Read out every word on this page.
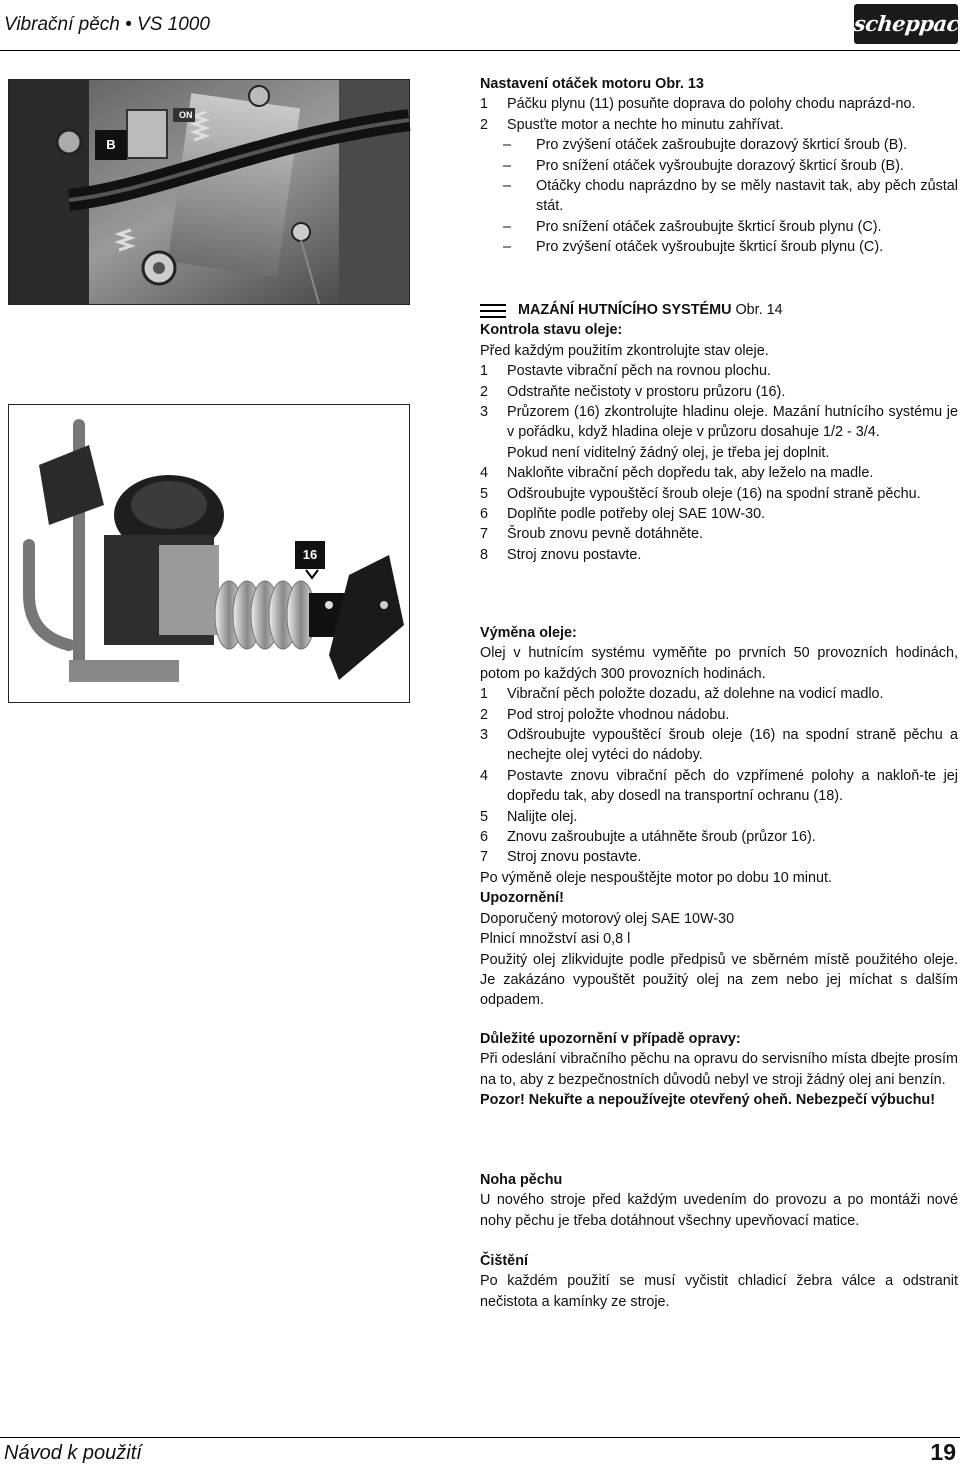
Vibrační pěch • VS 1000	scheppach
ON
B
16

Nastavení otáček motoru Obr. 13

1 Páčku plynu (11) posuňte doprava do polohy chodu naprázd-no.

2 Spusťte motor a nechte ho minutu zahřívat.

– Pro zvýšení otáček zašroubujte dorazový škrticí šroub (B).

– Pro snížení otáček vyšroubujte dorazový škrticí šroub (B).

– Otáčky chodu naprázdno by se měly nastavit tak, aby pěch zůstal stát.

– Pro snížení otáček zašroubujte škrticí šroub plynu (C).

– Pro zvýšení otáček vyšroubujte škrticí šroub plynu (C).

MAZÁNÍ HUTNÍCÍHO SYSTÉMU Obr. 14

Kontrola stavu oleje:

Před každým použitím zkontrolujte stav oleje.

1 Postavte vibrační pěch na rovnou plochu.

2 Odstraňte nečistoty v prostoru průzoru (16).

3 Průzorem (16) zkontrolujte hladinu oleje. Mazání hutnícího systému je v pořádku, když hladina oleje v průzoru dosahuje 1/2 - 3/4.

Pokud není viditelný žádný olej, je třeba jej doplnit.

4 Nakloňte vibrační pěch dopředu tak, aby leželo na madle.

5 Odšroubujte vypouštěcí šroub oleje (16) na spodní straně pěchu.

6 Doplňte podle potřeby olej SAE 10W-30.

7 Šroub znovu pevně dotáhněte.

8 Stroj znovu postavte.

Výměna oleje:

Olej v hutnícím systému vyměňte po prvních 50 provozních hodinách, potom po každých 300 provozních hodinách.

1 Vibrační pěch položte dozadu, až dolehne na vodicí madlo.

2 Pod stroj položte vhodnou nádobu.

3 Odšroubujte vypouštěcí šroub oleje (16) na spodní straně pěchu a nechejte olej vytéci do nádoby.

4 Postavte znovu vibrační pěch do vzpřímené polohy a nakloň-te jej dopředu tak, aby dosedl na transportní ochranu (18).

5 Nalijte olej.

6 Znovu zašroubujte a utáhněte šroub (průzor 16).

7 Stroj znovu postavte.

Po výměně oleje nespouštějte motor po dobu 10 minut.

Upozornění!

Doporučený motorový olej SAE 10W-30

Plnicí množství asi 0,8 l

Použitý olej zlikvidujte podle předpisů ve sběrném místě použitého oleje. Je zakázáno vypouštět použitý olej na zem nebo jej míchat s dalším odpadem.

Důležité upozornění v případě opravy:

Při odeslání vibračního pěchu na opravu do servisního místa dbejte prosím na to, aby z bezpečnostních důvodů nebyl ve stroji žádný olej ani benzín.

Pozor! Nekuřte a nepoužívejte otevřený oheň. Nebezpečí výbuchu!

Noha pěchu

U nového stroje před každým uvedením do provozu a po montáži nové nohy pěchu je třeba dotáhnout všechny upevňovací matice.

Čištění

Po každém použití se musí vyčistit chladicí žebra válce a odstranit nečistota a kamínky ze stroje.

Návod k použití	19
